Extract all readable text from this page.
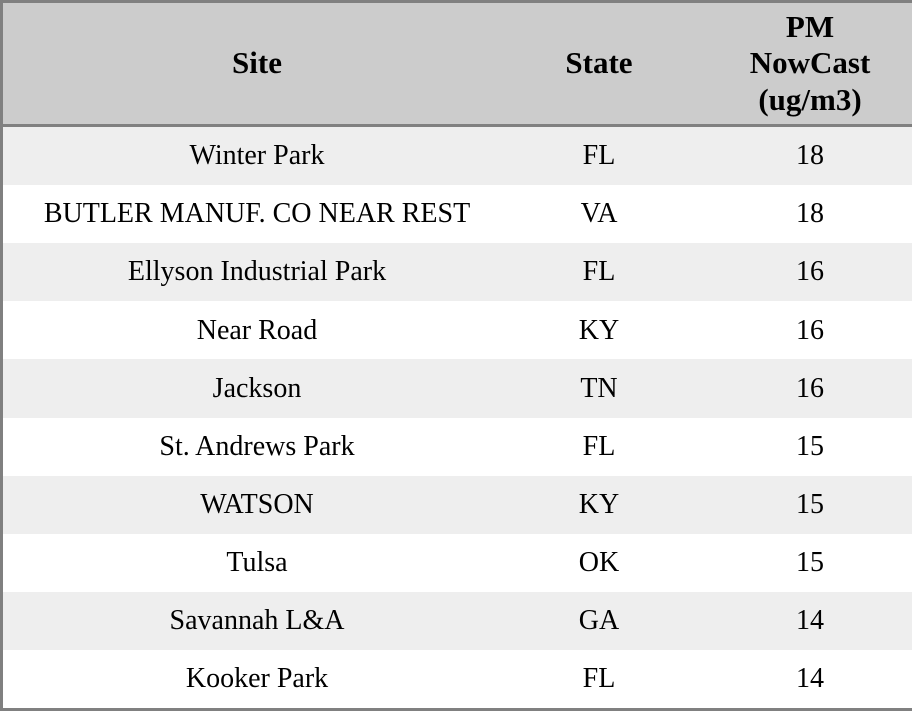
Site	State	PM
NowCast
(ug/m3)

Winter Park	FL	18
BUTLER MANUF. CO NEAR REST	VA	18
Ellyson Industrial Park	FL	16
Near Road	KY	16
Jackson	TN	16
St. Andrews Park	FL	15
WATSON	KY	15
Tulsa	OK	15
Savannah L&A	GA	14
Kooker Park	FL	14
